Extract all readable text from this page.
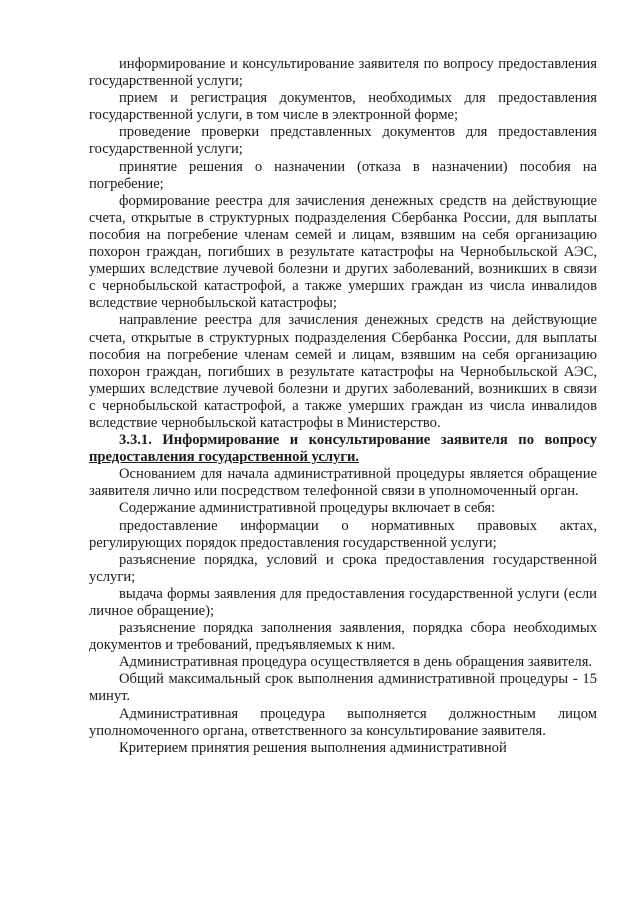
информирование и консультирование заявителя по вопросу предоставления государственной услуги;

прием и регистрация документов, необходимых для предоставления государственной услуги, в том числе в электронной форме;

проведение проверки представленных документов для предоставления государственной услуги;

принятие решения о назначении (отказа в назначении) пособия на погребение;

формирование реестра для зачисления денежных средств на действующие счета, открытые в структурных подразделения Сбербанка России, для выплаты пособия на погребение членам семей и лицам, взявшим на себя организацию похорон граждан, погибших в результате катастрофы на Чернобыльской АЭС, умерших вследствие лучевой болезни и других заболеваний, возникших в связи с чернобыльской катастрофой, а также умерших граждан из числа инвалидов вследствие чернобыльской катастрофы;

направление реестра для зачисления денежных средств на действующие счета, открытые в структурных подразделения Сбербанка России, для выплаты пособия на погребение членам семей и лицам, взявшим на себя организацию похорон граждан, погибших в результате катастрофы на Чернобыльской АЭС, умерших вследствие лучевой болезни и других заболеваний, возникших в связи с чернобыльской катастрофой, а также умерших граждан из числа инвалидов вследствие чернобыльской катастрофы в Министерство.

3.3.1. Информирование и консультирование заявителя по вопросу предоставления государственной услуги.

Основанием для начала административной процедуры является обращение заявителя лично или посредством телефонной связи в уполномоченный орган.

Содержание административной процедуры включает в себя:

предоставление информации о нормативных правовых актах, регулирующих порядок предоставления государственной услуги;

разъяснение порядка, условий и срока предоставления государственной услуги;

выдача формы заявления для предоставления государственной услуги (если личное обращение);

разъяснение порядка заполнения заявления, порядка сбора необходимых документов и требований, предъявляемых к ним.

Административная процедура осуществляется в день обращения заявителя.

Общий максимальный срок выполнения административной процедуры - 15 минут.

Административная процедура выполняется должностным лицом уполномоченного органа, ответственного за консультирование заявителя.

Критерием принятия решения выполнения административной
